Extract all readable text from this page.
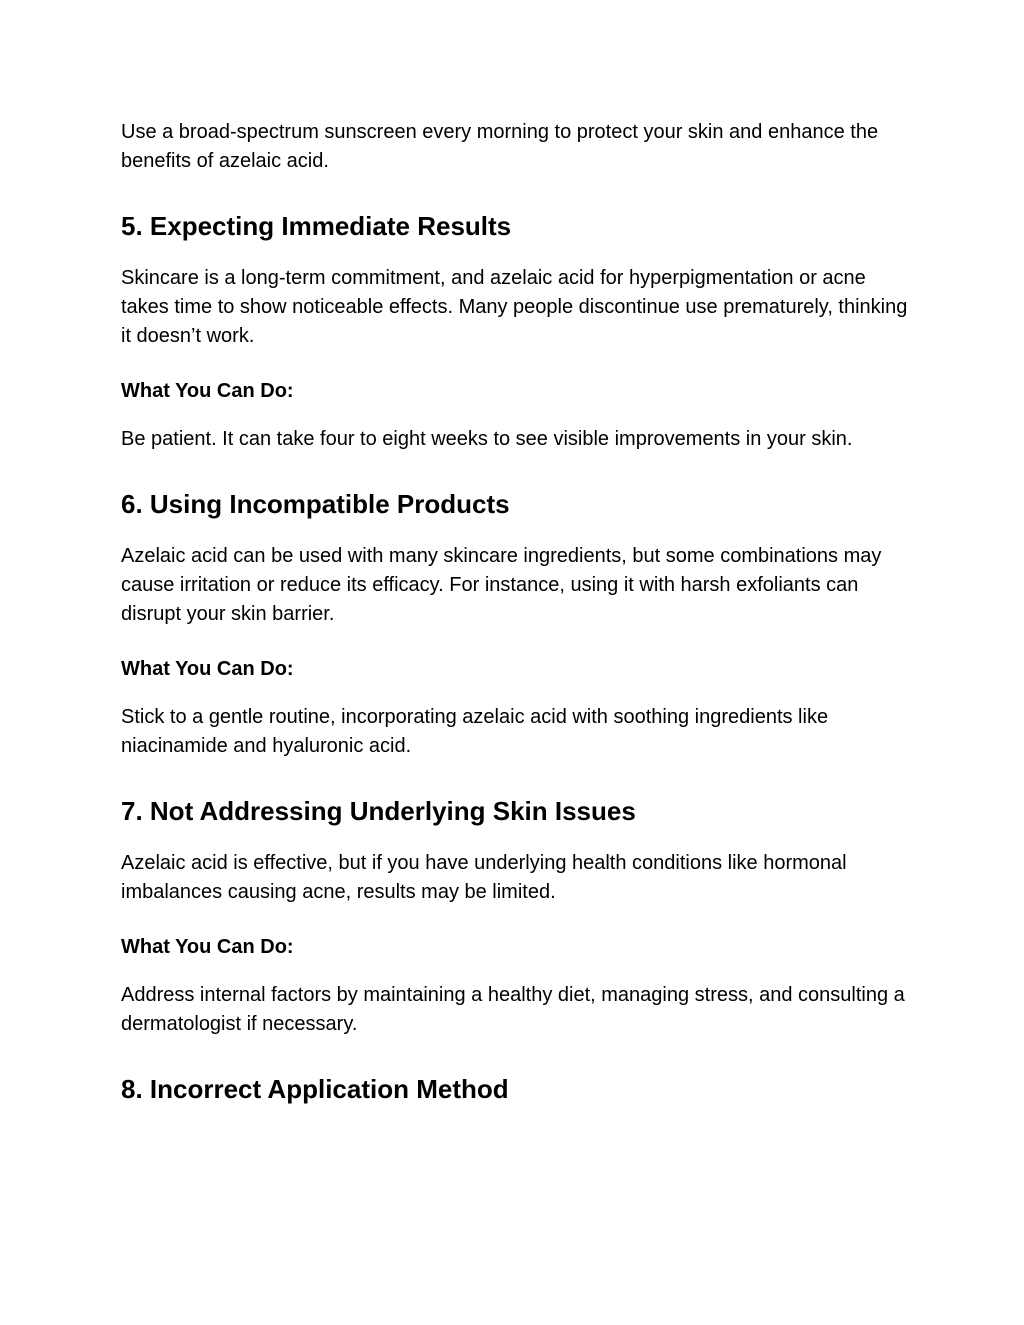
Use a broad-spectrum sunscreen every morning to protect your skin and enhance the benefits of azelaic acid.

5. Expecting Immediate Results

Skincare is a long-term commitment, and azelaic acid for hyperpigmentation or acne takes time to show noticeable effects. Many people discontinue use prematurely, thinking it doesn’t work.

What You Can Do:

Be patient. It can take four to eight weeks to see visible improvements in your skin.

6. Using Incompatible Products

Azelaic acid can be used with many skincare ingredients, but some combinations may cause irritation or reduce its efficacy. For instance, using it with harsh exfoliants can disrupt your skin barrier.

What You Can Do:

Stick to a gentle routine, incorporating azelaic acid with soothing ingredients like niacinamide and hyaluronic acid.

7. Not Addressing Underlying Skin Issues

Azelaic acid is effective, but if you have underlying health conditions like hormonal imbalances causing acne, results may be limited.

What You Can Do:

Address internal factors by maintaining a healthy diet, managing stress, and consulting a dermatologist if necessary.

8. Incorrect Application Method
